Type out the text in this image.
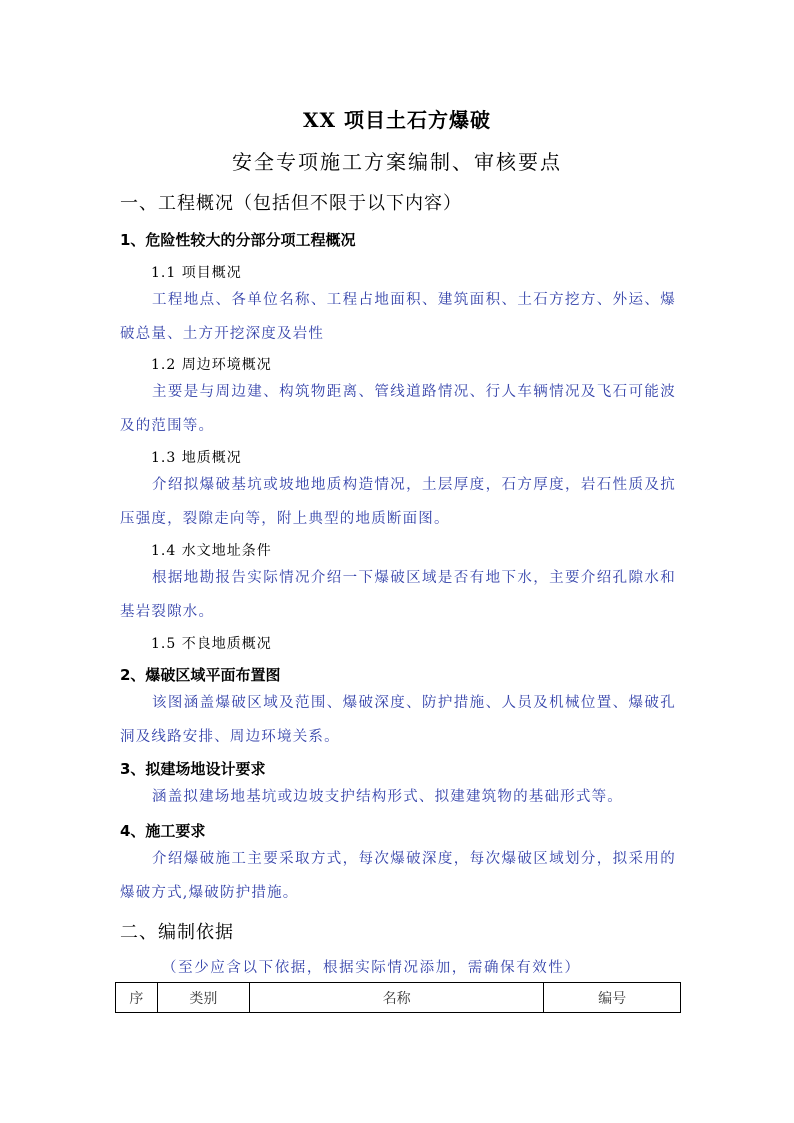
XX 项目土石方爆破
安全专项施工方案编制、审核要点
一、工程概况（包括但不限于以下内容）
1、危险性较大的分部分项工程概况
1.1 项目概况
工程地点、各单位名称、工程占地面积、建筑面积、土石方挖方、外运、爆破总量、土方开挖深度及岩性
1.2 周边环境概况
主要是与周边建、构筑物距离、管线道路情况、行人车辆情况及飞石可能波及的范围等。
1.3 地质概况
介绍拟爆破基坑或坡地地质构造情况，土层厚度，石方厚度，岩石性质及抗压强度，裂隙走向等，附上典型的地质断面图。
1.4 水文地址条件
根据地勘报告实际情况介绍一下爆破区域是否有地下水，主要介绍孔隙水和基岩裂隙水。
1.5 不良地质概况
2、爆破区域平面布置图
该图涵盖爆破区域及范围、爆破深度、防护措施、人员及机械位置、爆破孔洞及线路安排、周边环境关系。
3、拟建场地设计要求
涵盖拟建场地基坑或边坡支护结构形式、拟建建筑物的基础形式等。
4、施工要求
介绍爆破施工主要采取方式，每次爆破深度，每次爆破区域划分，拟采用的爆破方式,爆破防护措施。
二、编制依据
（至少应含以下依据，根据实际情况添加，需确保有效性）
序	类别	名称	编号
